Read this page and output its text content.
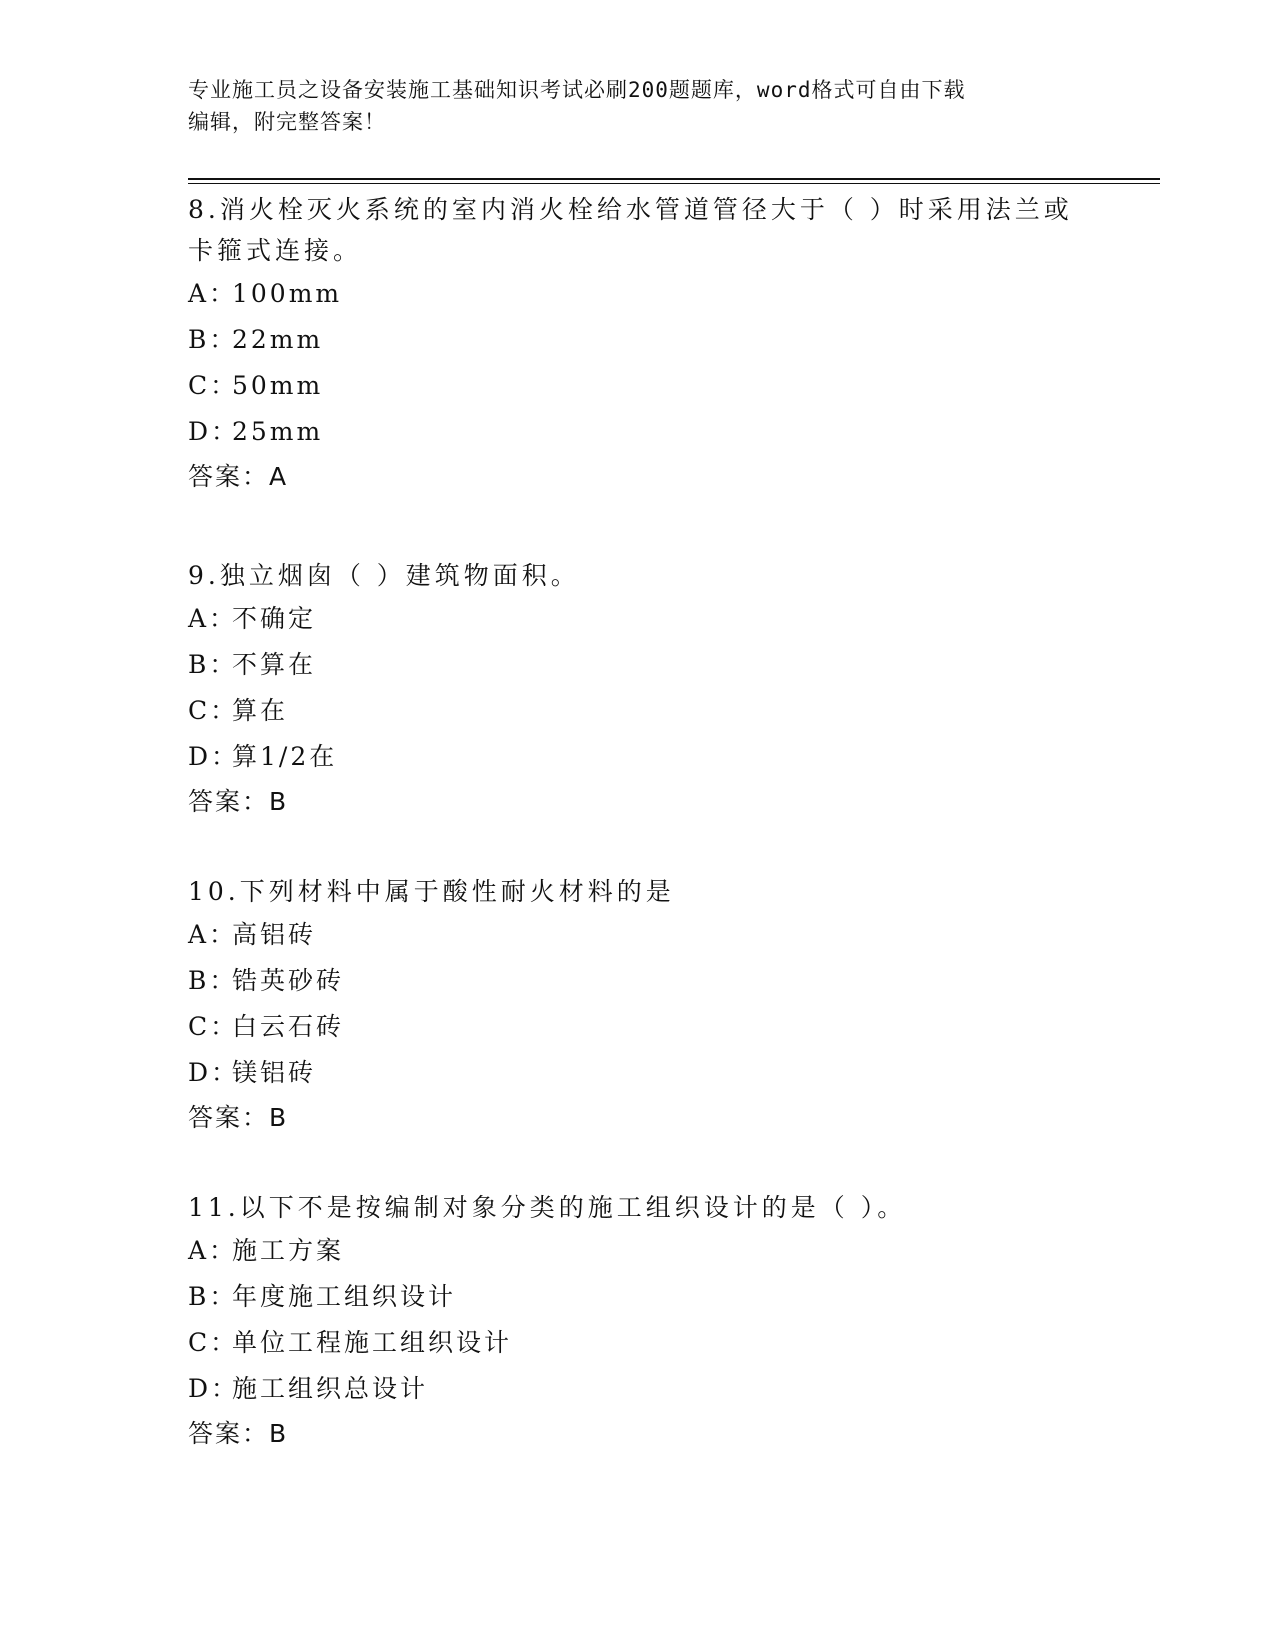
专业施工员之设备安装施工基础知识考试必刷200题题库，word格式可自由下载
编辑，附完整答案！
8.消火栓灭火系统的室内消火栓给水管道管径大于（ ）时采用法兰或
卡箍式连接。
A：100mm
B：22mm
C：50mm
D：25mm
答案：A
9.独立烟囱（ ）建筑物面积。
A：不确定
B：不算在
C：算在
D：算1/2在
答案：B
10.下列材料中属于酸性耐火材料的是
A：高铝砖
B：锆英砂砖
C：白云石砖
D：镁铝砖
答案：B
11.以下不是按编制对象分类的施工组织设计的是（ ）。
A：施工方案
B：年度施工组织设计
C：单位工程施工组织设计
D：施工组织总设计
答案：B
